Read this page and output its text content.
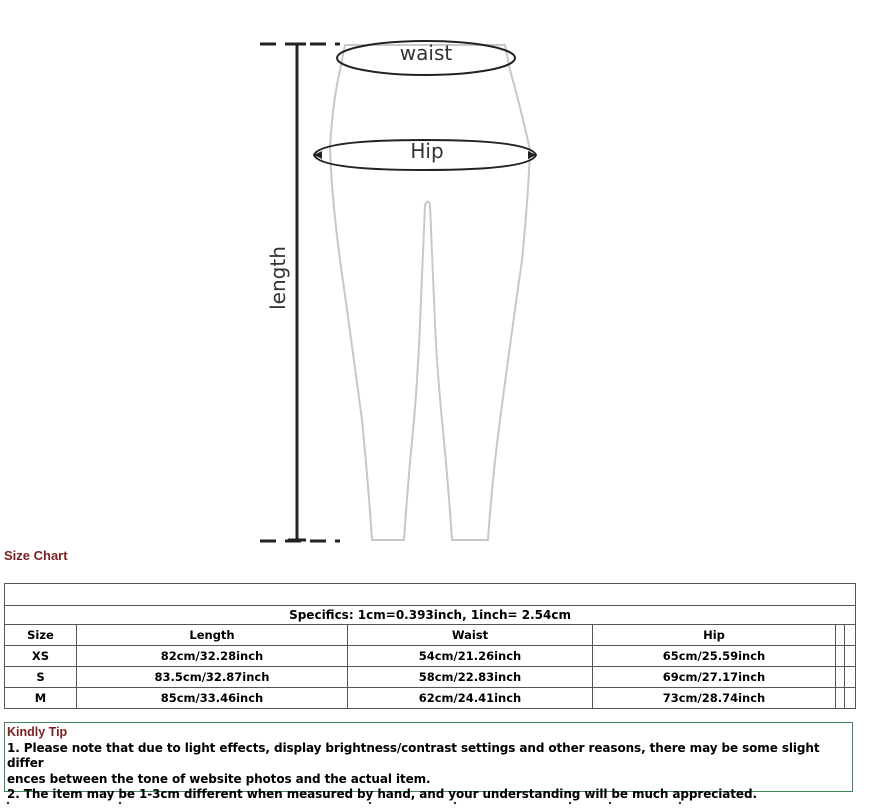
waist
Hip
length
Size Chart

Specifics: 1cm=0.393inch, 1inch= 2.54cm					
Size	Length	Waist	Hip		
XS	82cm/32.28inch	54cm/21.26inch	65cm/25.59inch		
S	83.5cm/32.87inch	58cm/22.83inch	69cm/27.17inch		
M	85cm/33.46inch	62cm/24.41inch	73cm/28.74inch		
Kindly Tip
1. Please note that due to light effects, display brightness/contrast settings and other reasons, there may be some slight differ
ences between the tone of website photos and the actual item.
2. The item may be 1-3cm different when measured by hand, and your understanding will be much appreciated.
